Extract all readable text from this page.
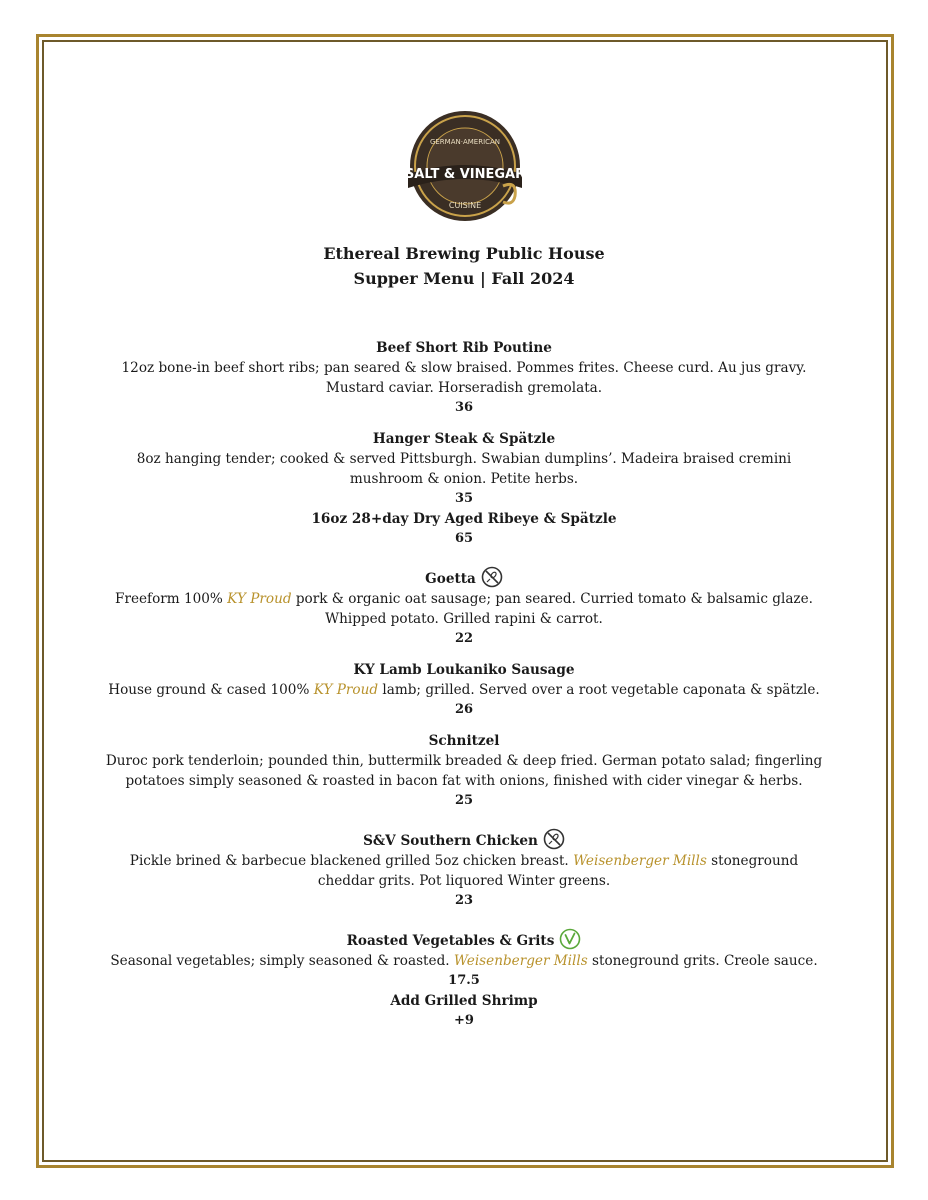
GERMAN·AMERICAN
SALT & VINEGAR
CUISINE
Ethereal Brewing Public House
Supper Menu | Fall 2024
Beef Short Rib Poutine
12oz bone-in beef short ribs; pan seared & slow braised. Pommes frites. Cheese curd. Au jus gravy. Mustard caviar. Horseradish gremolata.
36
Hanger Steak & Spätzle
8oz hanging tender; cooked & served Pittsburgh. Swabian dumplins’. Madeira braised cremini mushroom & onion. Petite herbs.
35
16oz 28+day Dry Aged Ribeye & Spätzle
65
Goetta
Freeform 100% KY Proud pork & organic oat sausage; pan seared. Curried tomato & balsamic glaze. Whipped potato. Grilled rapini & carrot.
22
KY Lamb Loukaniko Sausage
House ground & cased 100% KY Proud lamb; grilled. Served over a root vegetable caponata & spätzle.
26
Schnitzel
Duroc pork tenderloin; pounded thin, buttermilk breaded & deep fried. German potato salad; fingerling potatoes simply seasoned & roasted in bacon fat with onions, finished with cider vinegar & herbs.
25
S&V Southern Chicken
Pickle brined & barbecue blackened grilled 5oz chicken breast. Weisenberger Mills stoneground cheddar grits. Pot liquored Winter greens.
23
Roasted Vegetables & Grits
Seasonal vegetables; simply seasoned & roasted. Weisenberger Mills stoneground grits. Creole sauce.
17.5
Add Grilled Shrimp
+9
